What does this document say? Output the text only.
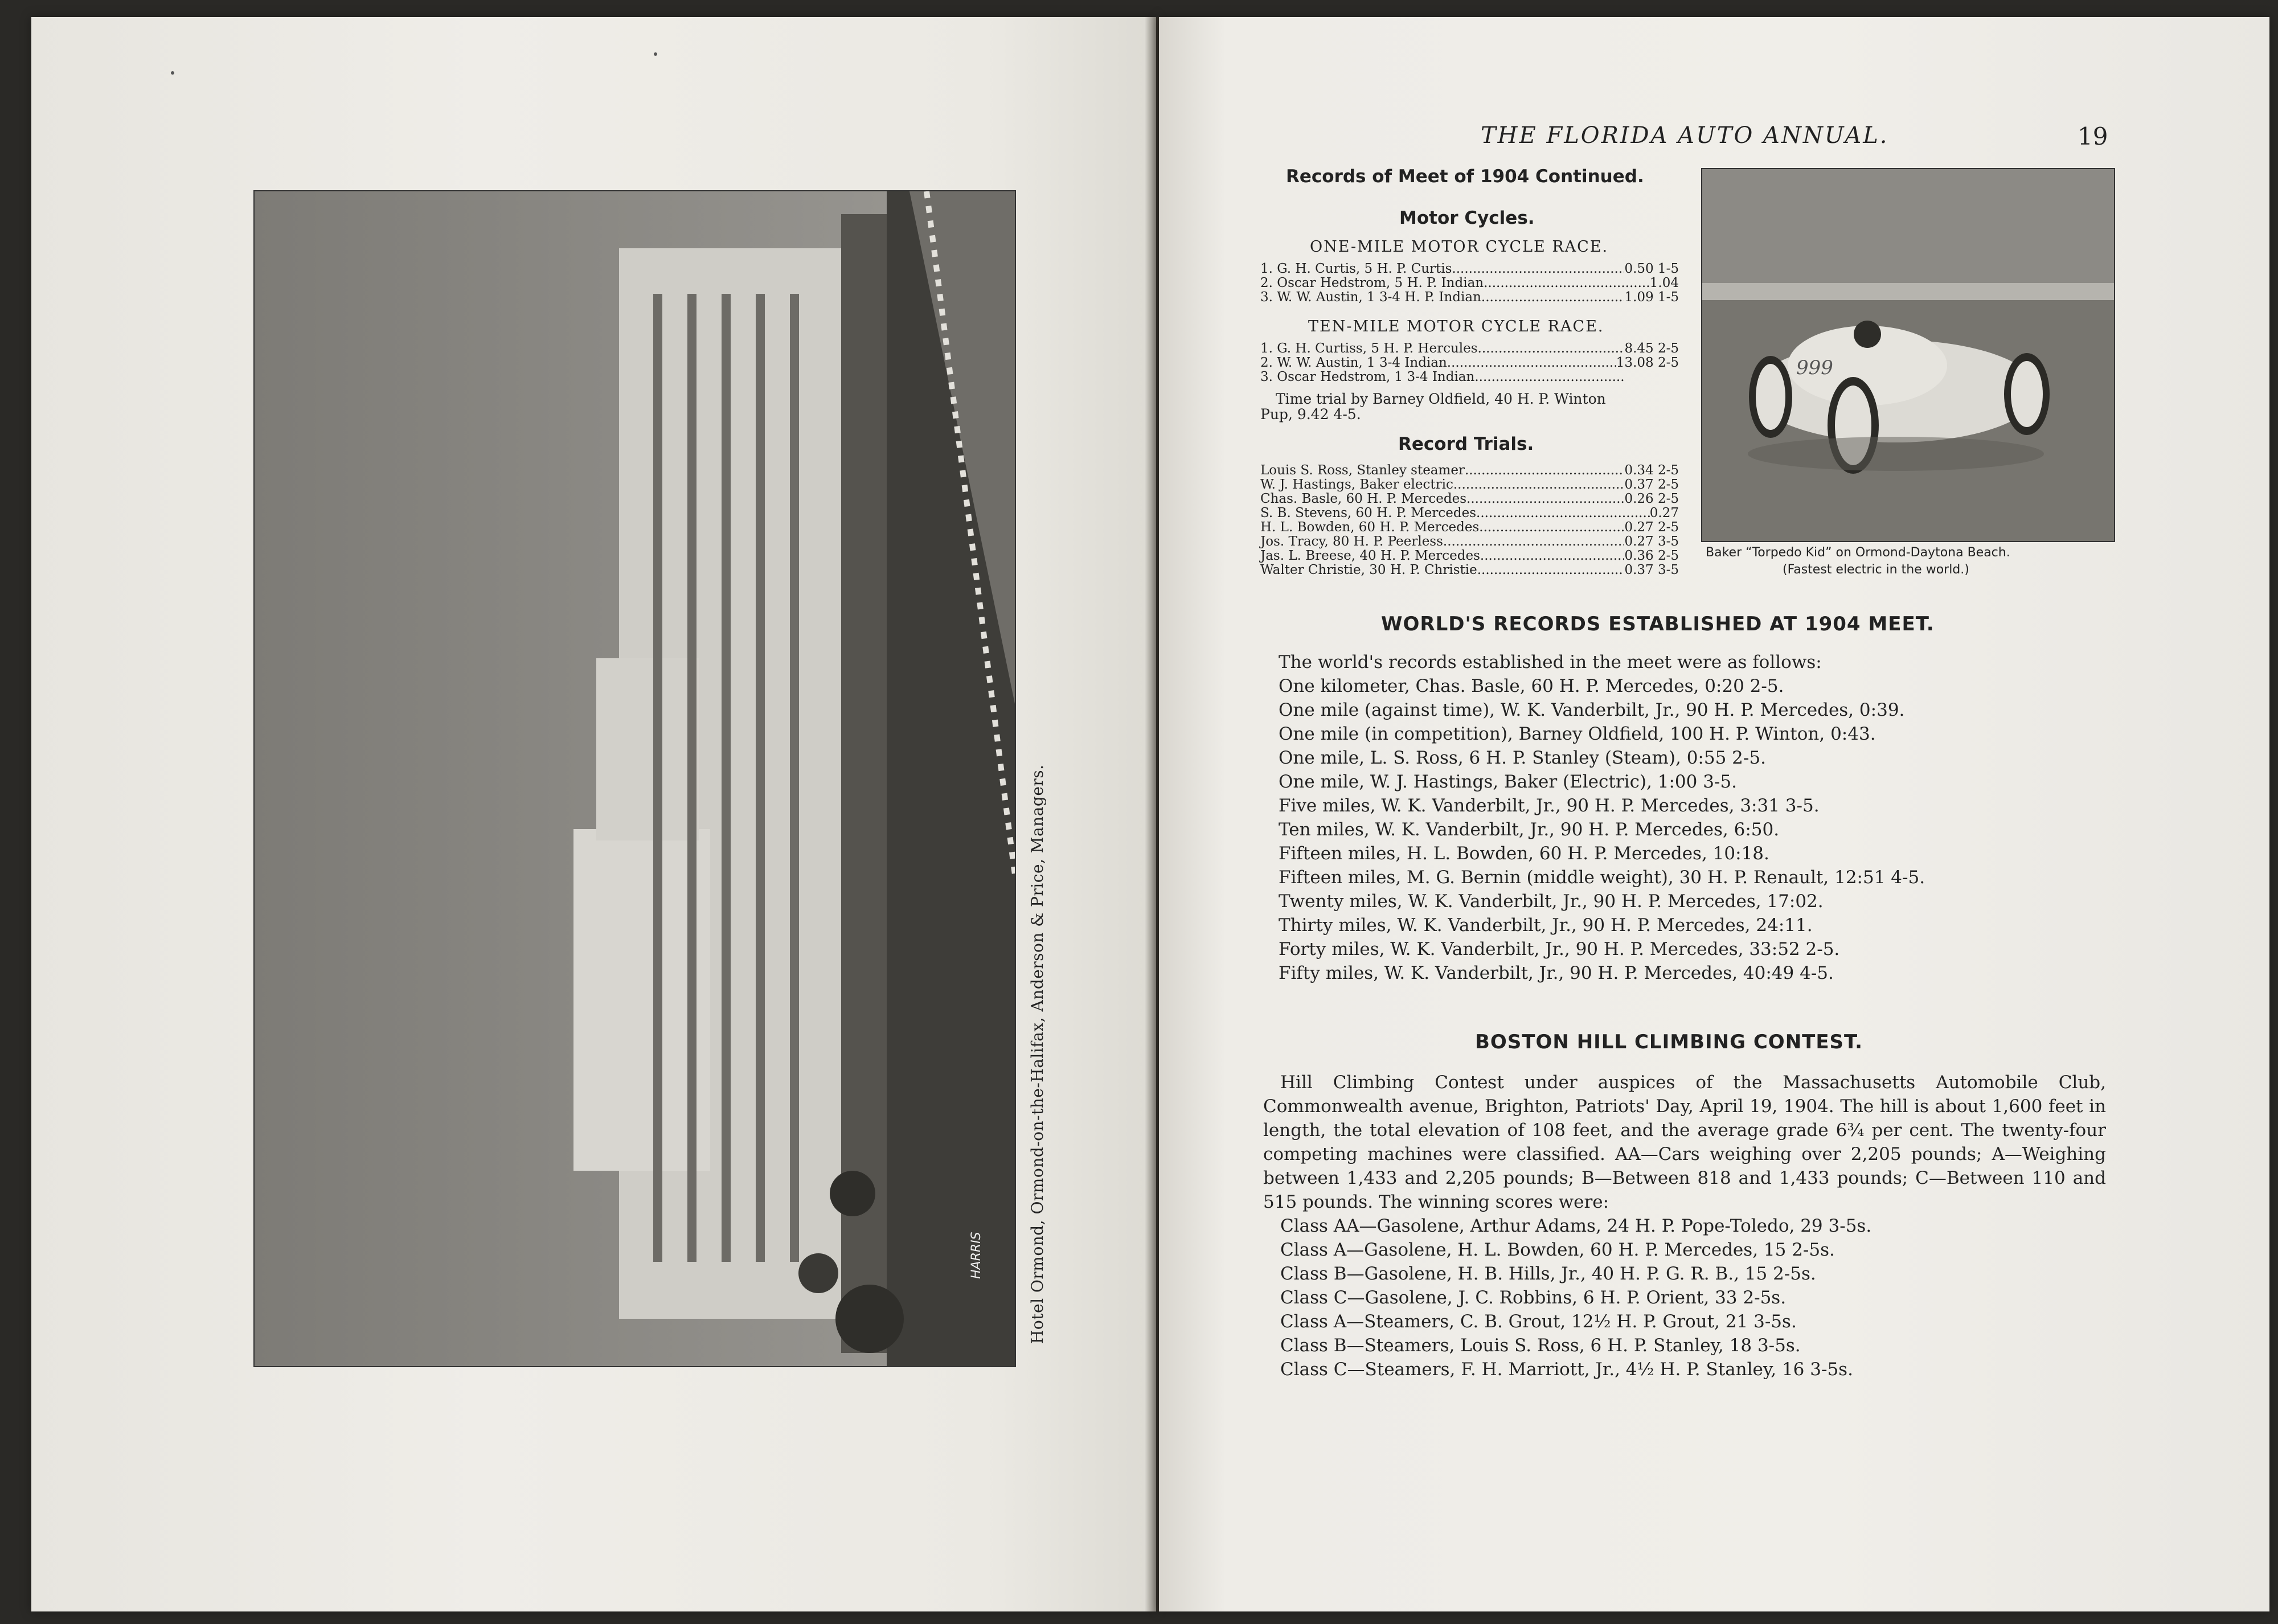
HARRIS	Hotel Ormond, Ormond-on-the-Halifax, Anderson & Price, Managers.
THE FLORIDA AUTO ANNUAL.	19
Records of Meet of 1904 Continued.
Motor Cycles.
ONE-MILE MOTOR CYCLE RACE.
1. G. H. Curtis, 5 H. P. Curtis .....	0.50 1-5
2. Oscar Hedstrom, 5 H. P. Indian .....	1.04
3. W. W. Austin, 1 3-4 H. P. Indian .....	1.09 1-5
TEN-MILE MOTOR CYCLE RACE.
1. G. H. Curtiss, 5 H. P. Hercules .....	8.45 2-5
2. W. W. Austin, 1 3-4 Indian .....	13.08 2-5
3. Oscar Hedstrom, 1 3-4 Indian
.....
Time trial by Barney Oldfield, 40 H. P. Winton
Pup, 9.42 4-5.
Record Trials.
Louis S. Ross, Stanley steamer .....	0.34 2-5
W. J. Hastings, Baker electric .....	0.37 2-5
Chas. Basle, 60 H. P. Mercedes .....	0.26 2-5
S. B. Stevens, 60 H. P. Mercedes .....	0.27
H. L. Bowden, 60 H. P. Mercedes .....	0.27 2-5
Jos. Tracy, 80 H. P. Peerless .....	0.27 3-5
Jas. L. Breese, 40 H. P. Mercedes .....	0.36 2-5
Walter Christie, 30 H. P. Christie .....	0.37 3-5
999
Baker “Torpedo Kid” on Ormond-Daytona Beach.
(Fastest electric in the world.)
WORLD'S RECORDS ESTABLISHED AT 1904 MEET.
The world's records established in the meet were as follows:
One kilometer, Chas. Basle, 60 H. P. Mercedes, 0:20 2-5.
One mile (against time), W. K. Vanderbilt, Jr., 90 H. P. Mercedes, 0:39.
One mile (in competition), Barney Oldfield, 100 H. P. Winton, 0:43.
One mile, L. S. Ross, 6 H. P. Stanley (Steam), 0:55 2-5.
One mile, W. J. Hastings, Baker (Electric), 1:00 3-5.
Five miles, W. K. Vanderbilt, Jr., 90 H. P. Mercedes, 3:31 3-5.
Ten miles, W. K. Vanderbilt, Jr., 90 H. P. Mercedes, 6:50.
Fifteen miles, H. L. Bowden, 60 H. P. Mercedes, 10:18.
Fifteen miles, M. G. Bernin (middle weight), 30 H. P. Renault, 12:51 4-5.
Twenty miles, W. K. Vanderbilt, Jr., 90 H. P. Mercedes, 17:02.
Thirty miles, W. K. Vanderbilt, Jr., 90 H. P. Mercedes, 24:11.
Forty miles, W. K. Vanderbilt, Jr., 90 H. P. Mercedes, 33:52 2-5.
Fifty miles, W. K. Vanderbilt, Jr., 90 H. P. Mercedes, 40:49 4-5.
BOSTON HILL CLIMBING CONTEST.
Hill Climbing Contest under auspices of the Massachusetts Automobile Club, Commonwealth avenue, Brighton, Patriots' Day, April 19, 1904. The hill is about 1,600 feet in length, the total elevation of 108 feet, and the average grade 6¾ per cent. The twenty-four competing machines were classified. AA—Cars weighing over 2,205 pounds; A—Weighing between 1,433 and 2,205 pounds; B—Between 818 and 1,433 pounds; C—Between 110 and 515 pounds. The winning scores were:
Class AA—Gasolene, Arthur Adams, 24 H. P. Pope-Toledo, 29 3-5s.
Class A—Gasolene, H. L. Bowden, 60 H. P. Mercedes, 15 2-5s.
Class B—Gasolene, H. B. Hills, Jr., 40 H. P. G. R. B., 15 2-5s.
Class C—Gasolene, J. C. Robbins, 6 H. P. Orient, 33 2-5s.
Class A—Steamers, C. B. Grout, 12½ H. P. Grout, 21 3-5s.
Class B—Steamers, Louis S. Ross, 6 H. P. Stanley, 18 3-5s.
Class C—Steamers, F. H. Marriott, Jr., 4½ H. P. Stanley, 16 3-5s.
